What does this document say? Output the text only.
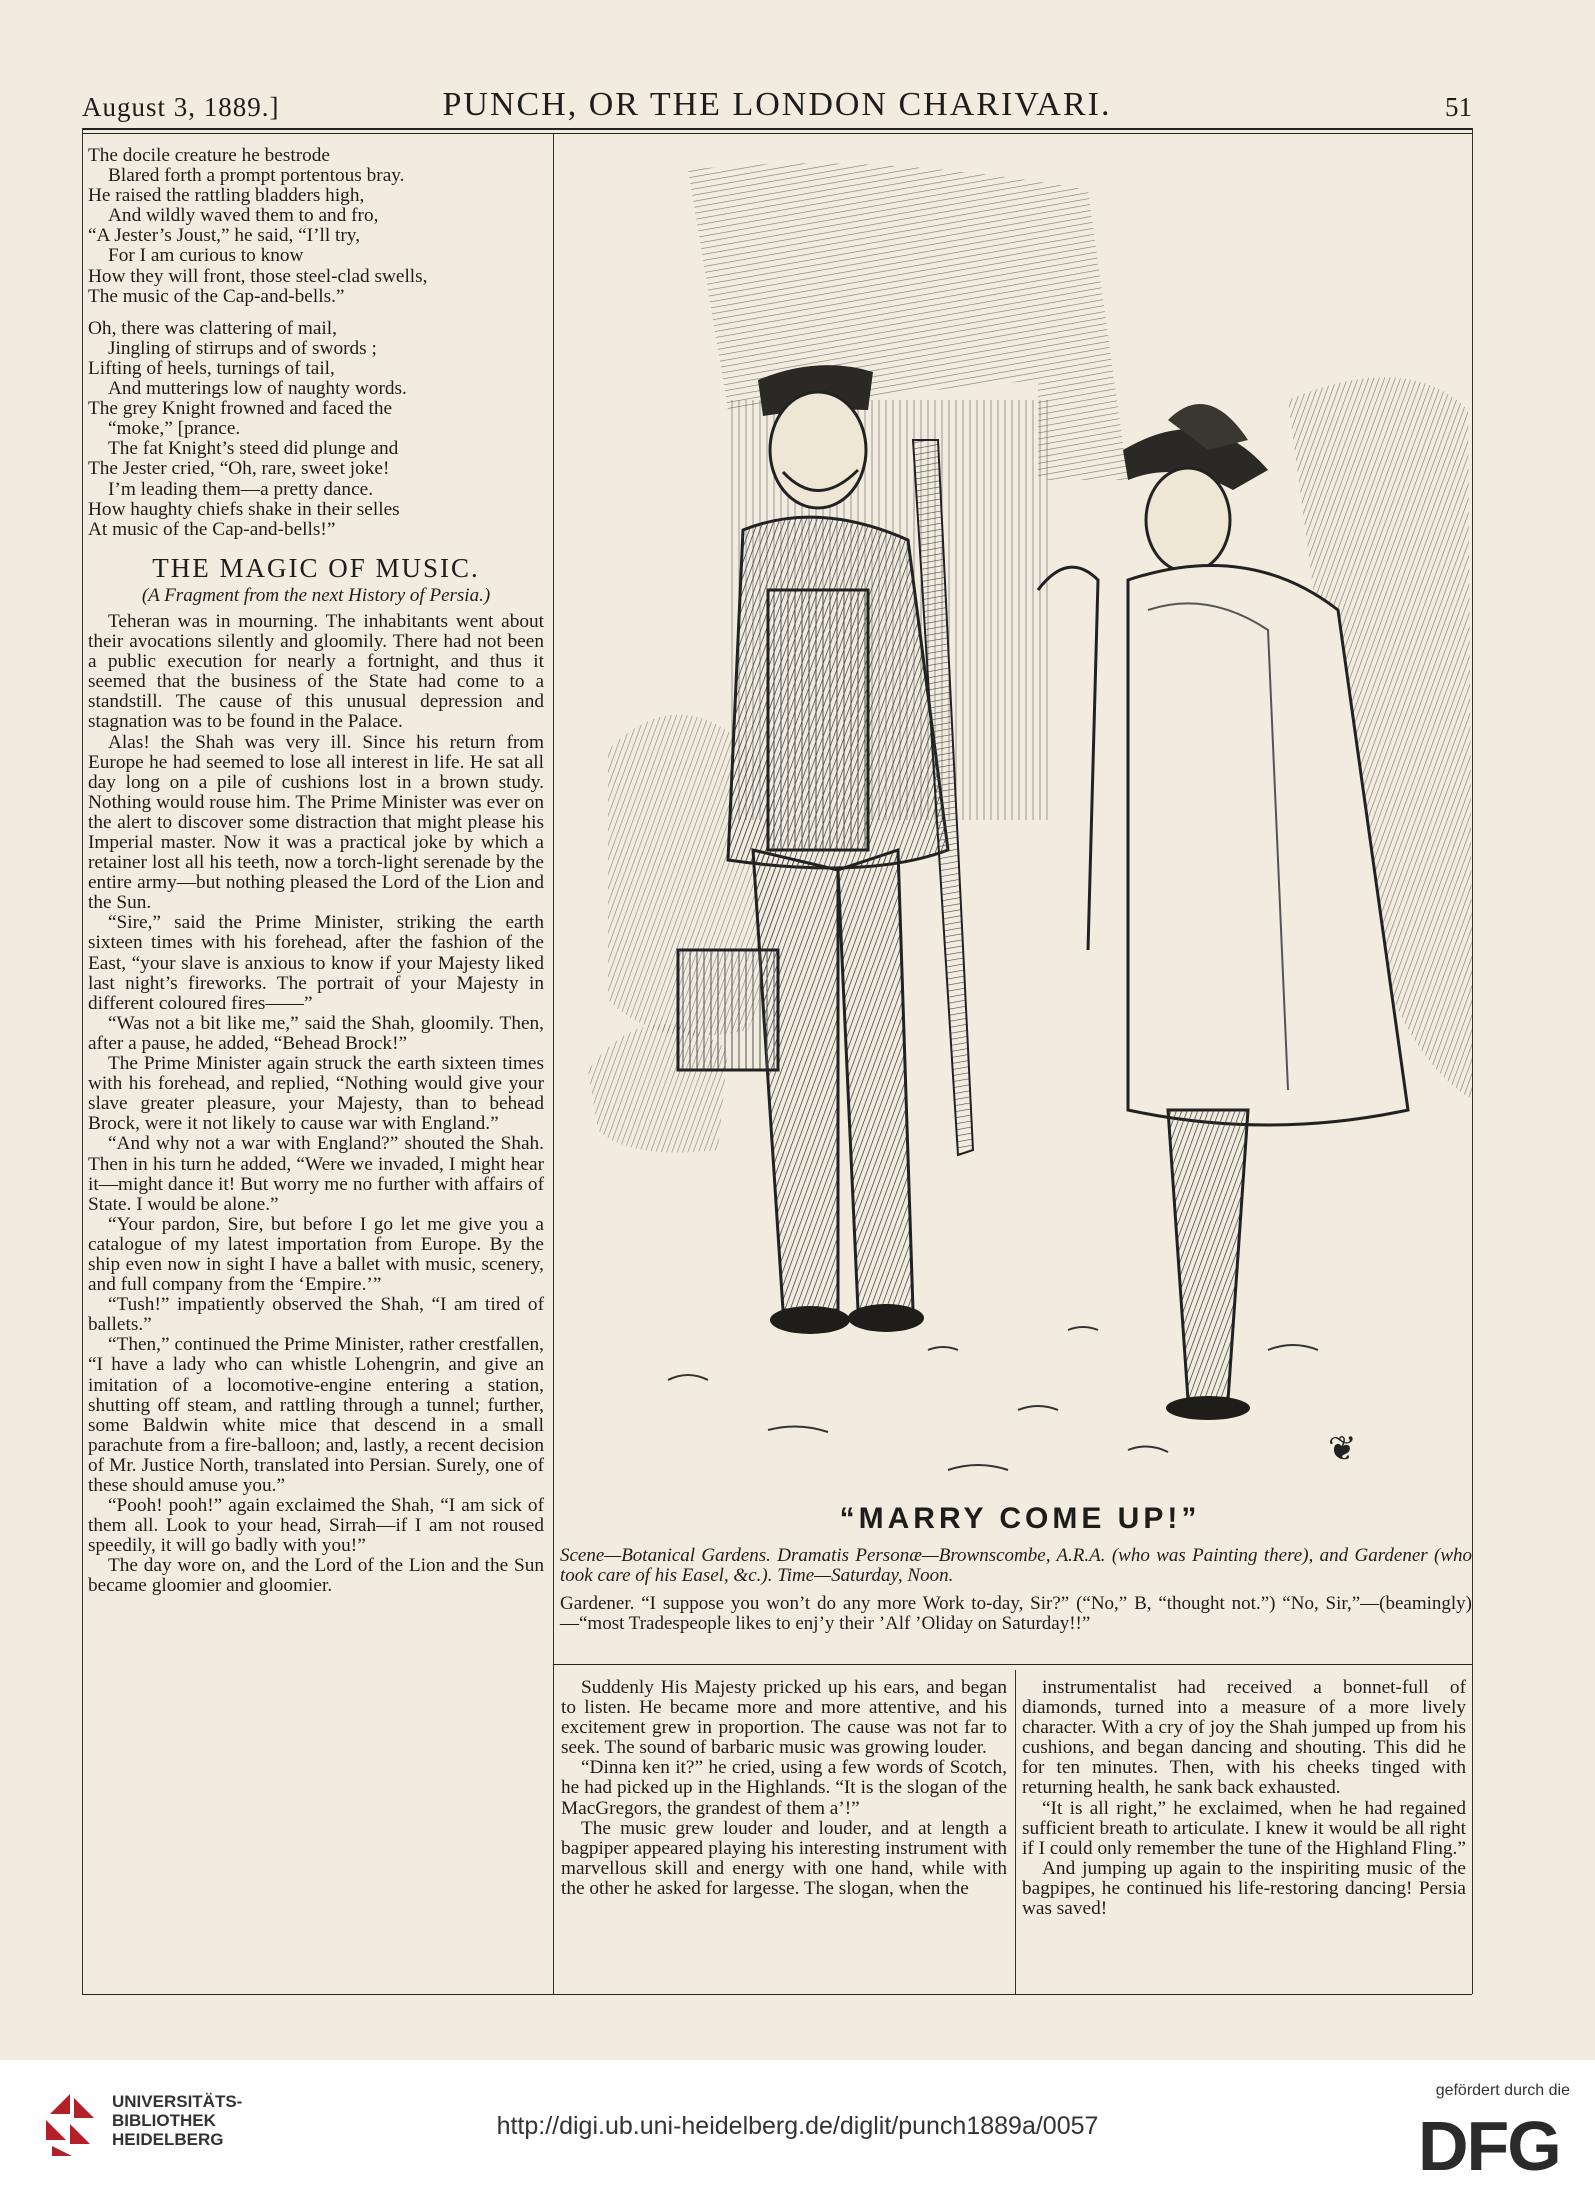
August 3, 1889.]	PUNCH, OR THE LONDON CHARIVARI.	51

The docile creature he bestrode

Blared forth a prompt portentous bray.

He raised the rattling bladders high,

And wildly waved them to and fro,

“A Jester’s Joust,” he said, “I’ll try,

For I am curious to know

How they will front, those steel-clad swells,

The music of the Cap-and-bells.”

Oh, there was clattering of mail,

Jingling of stirrups and of swords ;

Lifting of heels, turnings of tail,

And mutterings low of naughty words.

The grey Knight frowned and faced the

“moke,” [prance.

The fat Knight’s steed did plunge and

The Jester cried, “Oh, rare, sweet joke!

I’m leading them—a pretty dance.

How haughty chiefs shake in their selles

At music of the Cap-and-bells!”

THE MAGIC OF MUSIC.
(A Fragment from the next History of Persia.)

Teheran was in mourning. The inhabitants went about their avocations silently and gloomily. There had not been a public execution for nearly a fortnight, and thus it seemed that the business of the State had come to a standstill. The cause of this unusual depression and stagnation was to be found in the Palace.

Alas! the Shah was very ill. Since his return from Europe he had seemed to lose all interest in life. He sat all day long on a pile of cushions lost in a brown study. Nothing would rouse him. The Prime Minister was ever on the alert to discover some distraction that might please his Imperial master. Now it was a practical joke by which a retainer lost all his teeth, now a torch-light serenade by the entire army—but nothing pleased the Lord of the Lion and the Sun.

“Sire,” said the Prime Minister, striking the earth sixteen times with his forehead, after the fashion of the East, “your slave is anxious to know if your Majesty liked last night’s fireworks. The portrait of your Majesty in different coloured fires——”

“Was not a bit like me,” said the Shah, gloomily. Then, after a pause, he added, “Behead Brock!”

The Prime Minister again struck the earth sixteen times with his forehead, and replied, “Nothing would give your slave greater pleasure, your Majesty, than to behead Brock, were it not likely to cause war with England.”

“And why not a war with England?” shouted the Shah. Then in his turn he added, “Were we invaded, I might hear it—might dance it! But worry me no further with affairs of State. I would be alone.”

“Your pardon, Sire, but before I go let me give you a catalogue of my latest importation from Europe. By the ship even now in sight I have a ballet with music, scenery, and full company from the ‘Empire.’”

“Tush!” impatiently observed the Shah, “I am tired of ballets.”

“Then,” continued the Prime Minister, rather crestfallen, “I have a lady who can whistle Lohengrin, and give an imitation of a locomotive-engine entering a station, shutting off steam, and rattling through a tunnel; further, some Baldwin white mice that descend in a small parachute from a fire-balloon; and, lastly, a recent decision of Mr. Justice North, translated into Persian. Surely, one of these should amuse you.”

“Pooh! pooh!” again exclaimed the Shah, “I am sick of them all. Look to your head, Sirrah—if I am not roused speedily, it will go badly with you!”

The day wore on, and the Lord of the Lion and the Sun became gloomier and gloomier.

❦
“MARRY COME UP!”

Scene—Botanical Gardens. Dramatis Personæ—Brownscombe, A.R.A. (who was Painting there), and Gardener (who took care of his Easel, &c.). Time—Saturday, Noon.

Gardener. “I suppose you won’t do any more Work to-day, Sir?” (“No,” B, “thought not.”) “No, Sir,”—(beamingly)—“most Tradespeople likes to enj’y their ’Alf ’Oliday on Saturday!!”

Suddenly His Majesty pricked up his ears, and began to listen. He became more and more attentive, and his excitement grew in proportion. The cause was not far to seek. The sound of barbaric music was growing louder.

“Dinna ken it?” he cried, using a few words of Scotch, he had picked up in the Highlands. “It is the slogan of the MacGregors, the grandest of them a’!”

The music grew louder and louder, and at length a bagpiper appeared playing his interesting instrument with marvellous skill and energy with one hand, while with the other he asked for largesse. The slogan, when the

instrumentalist had received a bonnet-full of diamonds, turned into a measure of a more lively character. With a cry of joy the Shah jumped up from his cushions, and began dancing and shouting. This did he for ten minutes. Then, with his cheeks tinged with returning health, he sank back exhausted.

“It is all right,” he exclaimed, when he had regained sufficient breath to articulate. I knew it would be all right if I could only remember the tune of the Highland Fling.”

And jumping up again to the inspiriting music of the bagpipes, he continued his life-restoring dancing! Persia was saved!

UNIVERSITÄTS-
BIBLIOTHEK
HEIDELBERG	http://digi.ub.uni-heidelberg.de/diglit/punch1889a/0057
gefördert durch die
DFG
